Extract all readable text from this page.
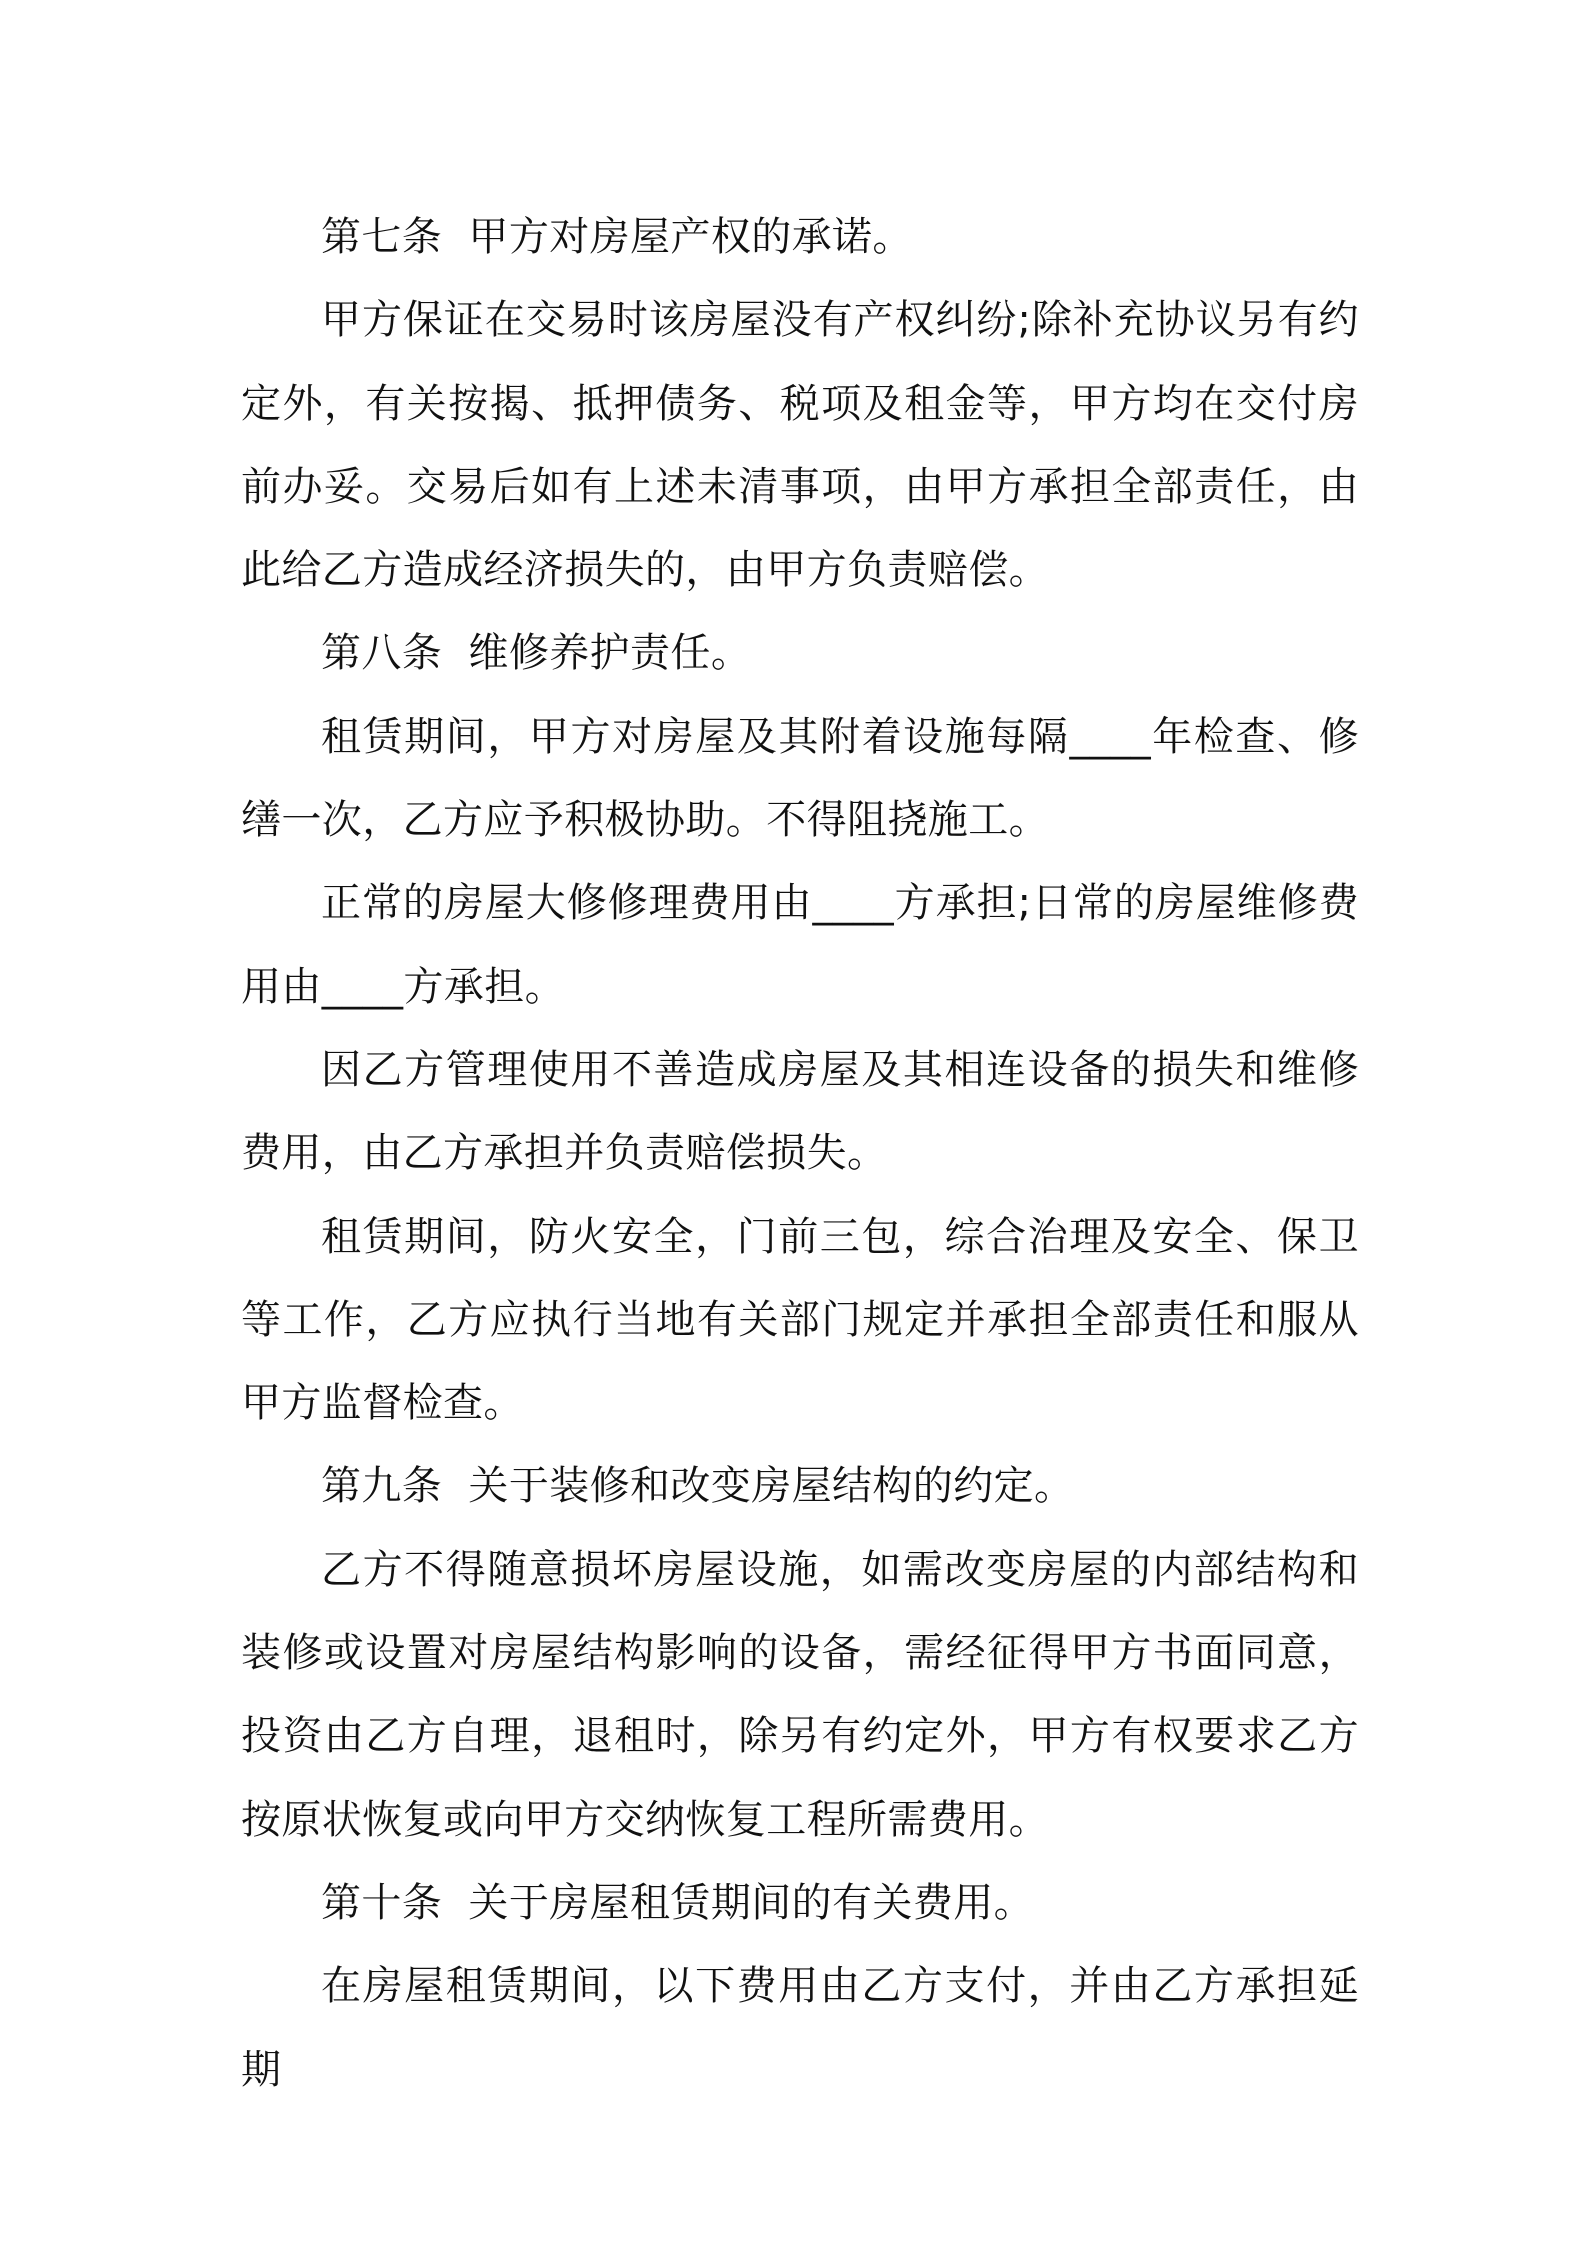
第七条  甲方对房屋产权的承诺。

甲方保证在交易时该房屋没有产权纠纷;除补充协议另有约定外，有关按揭、抵押债务、税项及租金等，甲方均在交付房前办妥。交易后如有上述未清事项，由甲方承担全部责任，由此给乙方造成经济损失的，由甲方负责赔偿。

第八条  维修养护责任。

租赁期间，甲方对房屋及其附着设施每隔____年检查、修缮一次，乙方应予积极协助。不得阻挠施工。

正常的房屋大修修理费用由____方承担;日常的房屋维修费用由____方承担。

因乙方管理使用不善造成房屋及其相连设备的损失和维修费用，由乙方承担并负责赔偿损失。

租赁期间，防火安全，门前三包，综合治理及安全、保卫等工作，乙方应执行当地有关部门规定并承担全部责任和服从甲方监督检查。

第九条  关于装修和改变房屋结构的约定。

乙方不得随意损坏房屋设施，如需改变房屋的内部结构和装修或设置对房屋结构影响的设备，需经征得甲方书面同意，投资由乙方自理，退租时，除另有约定外，甲方有权要求乙方按原状恢复或向甲方交纳恢复工程所需费用。

第十条  关于房屋租赁期间的有关费用。

在房屋租赁期间，以下费用由乙方支付，并由乙方承担延期
